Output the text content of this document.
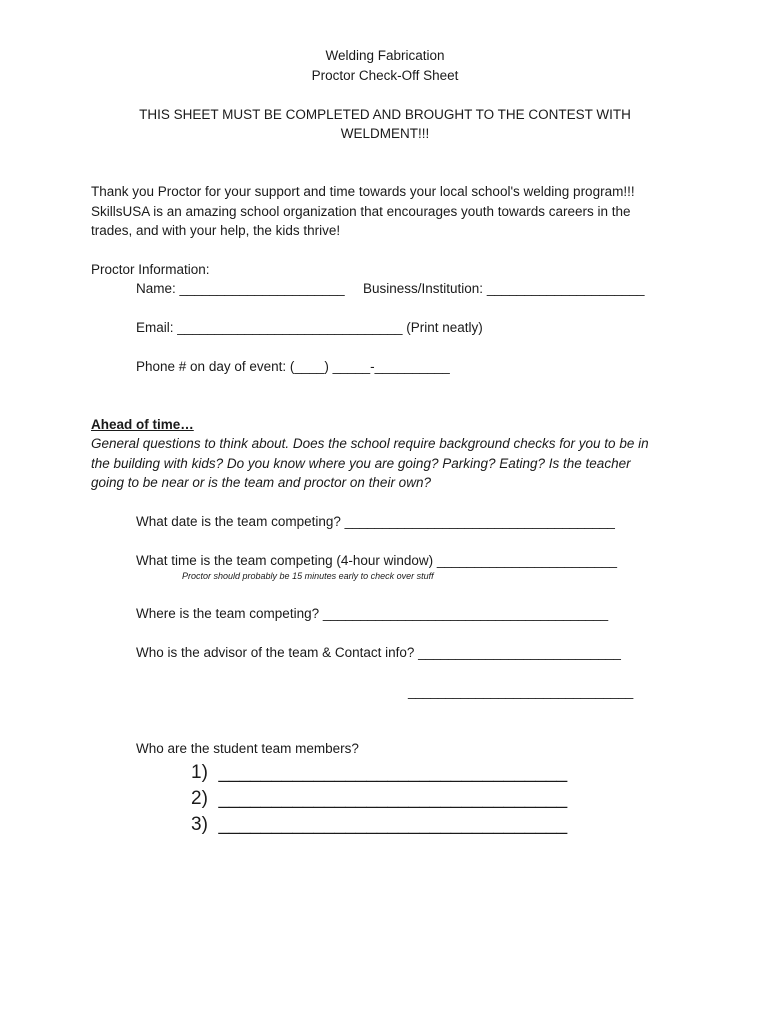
Welding Fabrication
Proctor Check-Off Sheet
THIS SHEET MUST BE COMPLETED AND BROUGHT TO THE CONTEST WITH
WELDMENT!!!
Thank you Proctor for your support and time towards your local school's welding program!!!
SkillsUSA is an amazing school organization that encourages youth towards careers in the
trades, and with your help, the kids thrive!
Proctor Information:
Name: ______________________ Business/Institution: _____________________
Email: ______________________________ (Print neatly)
Phone # on day of event: (____) _____-__________
Ahead of time…
General questions to think about. Does the school require background checks for you to be in
the building with kids? Do you know where you are going? Parking? Eating? Is the teacher
going to be near or is the team and proctor on their own?
What date is the team competing? ____________________________________
What time is the team competing (4-hour window) ________________________
Proctor should probably be 15 minutes early to check over stuff
Where is the team competing? ______________________________________
Who is the advisor of the team & Contact info? ___________________________
______________________________
Who are the student team members?
1)  _________________________________
2)  _________________________________
3)  _________________________________
